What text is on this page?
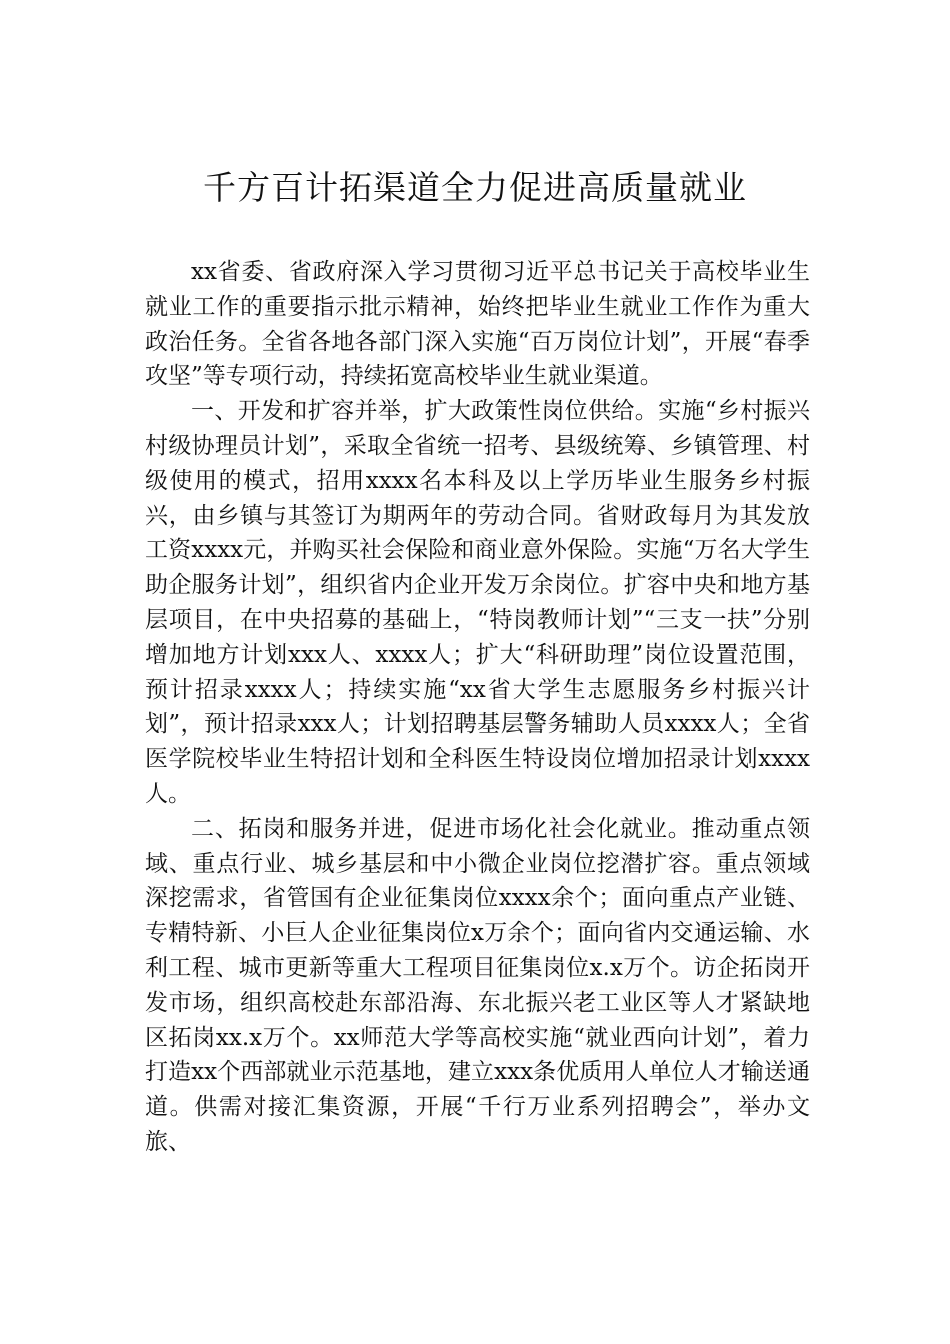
千方百计拓渠道全力促进高质量就业

xx省委、省政府深入学习贯彻习近平总书记关于高校毕业生就业工作的重要指示批示精神，始终把毕业生就业工作作为重大政治任务。全省各地各部门深入实施“百万岗位计划”，开展“春季攻坚”等专项行动，持续拓宽高校毕业生就业渠道。

一、开发和扩容并举，扩大政策性岗位供给。实施“乡村振兴村级协理员计划”，采取全省统一招考、县级统筹、乡镇管理、村级使用的模式，招用xxxx名本科及以上学历毕业生服务乡村振兴，由乡镇与其签订为期两年的劳动合同。省财政每月为其发放工资xxxx元，并购买社会保险和商业意外保险。实施“万名大学生助企服务计划”，组织省内企业开发万余岗位。扩容中央和地方基层项目，在中央招募的基础上，“特岗教师计划”“三支一扶”分别增加地方计划xxx人、xxxx人；扩大“科研助理”岗位设置范围，预计招录xxxx人；持续实施“xx省大学生志愿服务乡村振兴计划”，预计招录xxx人；计划招聘基层警务辅助人员xxxx人；全省医学院校毕业生特招计划和全科医生特设岗位增加招录计划xxxx人。

二、拓岗和服务并进，促进市场化社会化就业。推动重点领域、重点行业、城乡基层和中小微企业岗位挖潜扩容。重点领域深挖需求，省管国有企业征集岗位xxxx余个；面向重点产业链、专精特新、小巨人企业征集岗位x万余个；面向省内交通运输、水利工程、城市更新等重大工程项目征集岗位x.x万个。访企拓岗开发市场，组织高校赴东部沿海、东北振兴老工业区等人才紧缺地区拓岗xx.x万个。xx师范大学等高校实施“就业西向计划”，着力打造xx个西部就业示范基地，建立xxx条优质用人单位人才输送通道。供需对接汇集资源，开展“千行万业系列招聘会”，举办文旅、
